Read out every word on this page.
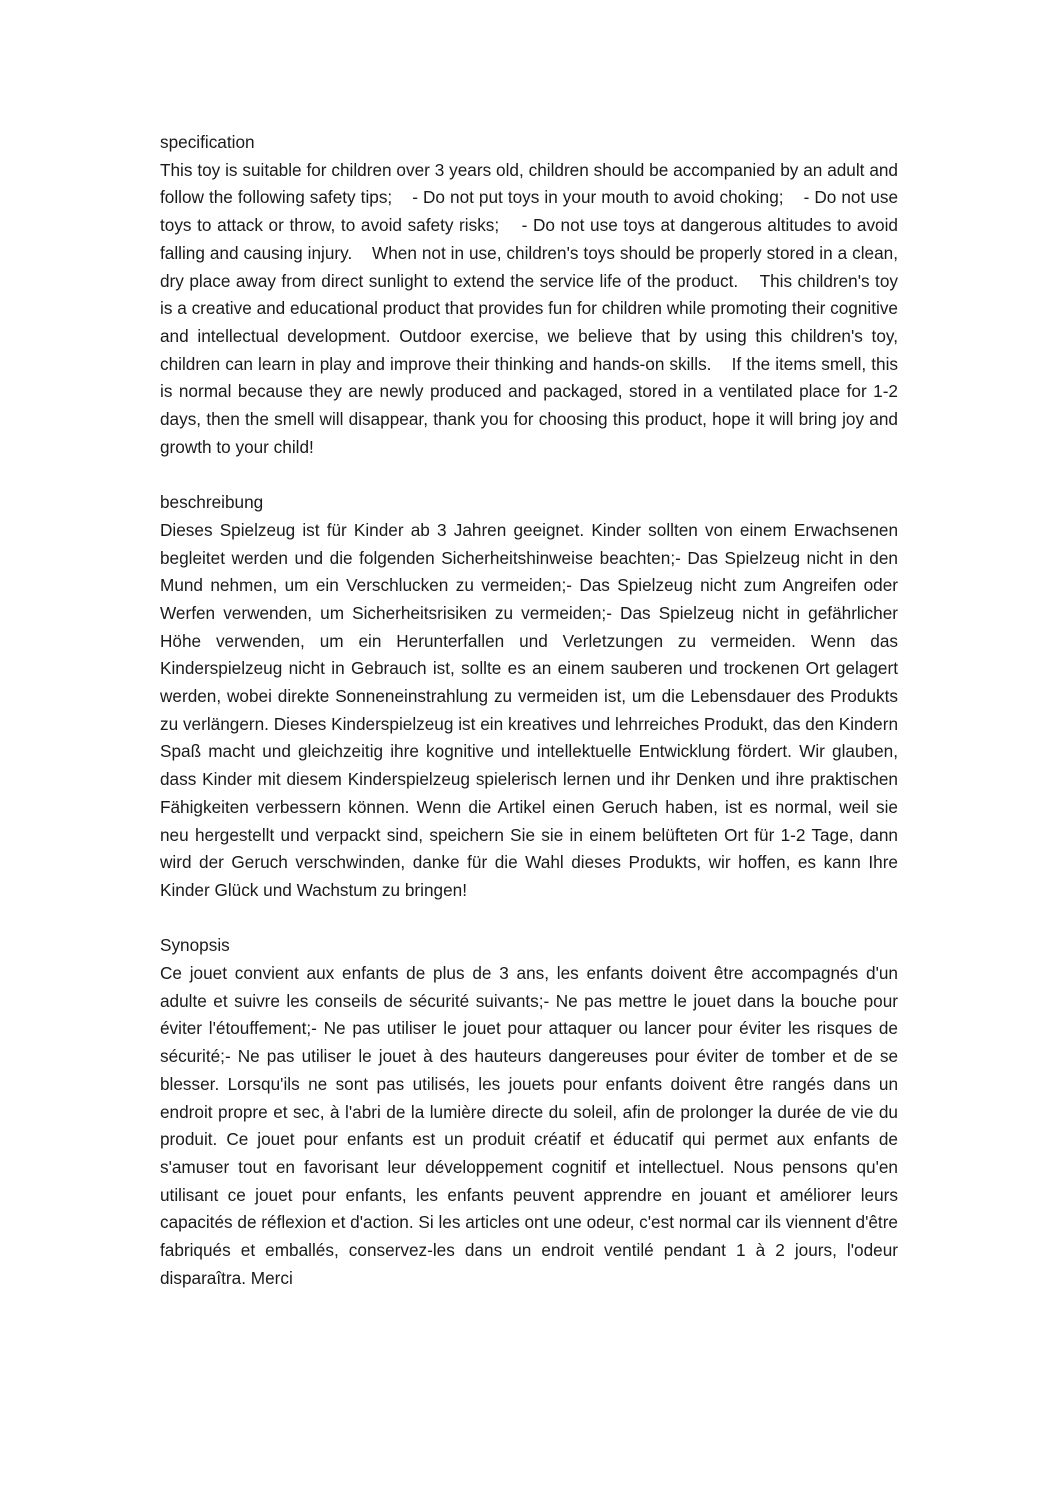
specification

This toy is suitable for children over 3 years old, children should be accompanied by an adult and follow the following safety tips;    - Do not put toys in your mouth to avoid choking;    - Do not use toys to attack or throw, to avoid safety risks;    - Do not use toys at dangerous altitudes to avoid falling and causing injury.    When not in use, children's toys should be properly stored in a clean, dry place away from direct sunlight to extend the service life of the product.    This children's toy is a creative and educational product that provides fun for children while promoting their cognitive and intellectual development. Outdoor exercise, we believe that by using this children's toy, children can learn in play and improve their thinking and hands-on skills.    If the items smell, this is normal because they are newly produced and packaged, stored in a ventilated place for 1-2 days, then the smell will disappear, thank you for choosing this product, hope it will bring joy and growth to your child!

beschreibung

Dieses Spielzeug ist für Kinder ab 3 Jahren geeignet. Kinder sollten von einem Erwachsenen begleitet werden und die folgenden Sicherheitshinweise beachten;- Das Spielzeug nicht in den Mund nehmen, um ein Verschlucken zu vermeiden;- Das Spielzeug nicht zum Angreifen oder Werfen verwenden, um Sicherheitsrisiken zu vermeiden;- Das Spielzeug nicht in gefährlicher Höhe verwenden, um ein Herunterfallen und Verletzungen zu vermeiden. Wenn das Kinderspielzeug nicht in Gebrauch ist, sollte es an einem sauberen und trockenen Ort gelagert werden, wobei direkte Sonneneinstrahlung zu vermeiden ist, um die Lebensdauer des Produkts zu verlängern. Dieses Kinderspielzeug ist ein kreatives und lehrreiches Produkt, das den Kindern Spaß macht und gleichzeitig ihre kognitive und intellektuelle Entwicklung fördert. Wir glauben, dass Kinder mit diesem Kinderspielzeug spielerisch lernen und ihr Denken und ihre praktischen Fähigkeiten verbessern können. Wenn die Artikel einen Geruch haben, ist es normal, weil sie neu hergestellt und verpackt sind, speichern Sie sie in einem belüfteten Ort für 1-2 Tage, dann wird der Geruch verschwinden, danke für die Wahl dieses Produkts, wir hoffen, es kann Ihre Kinder Glück und Wachstum zu bringen!

Synopsis

Ce jouet convient aux enfants de plus de 3 ans, les enfants doivent être accompagnés d'un adulte et suivre les conseils de sécurité suivants;- Ne pas mettre le jouet dans la bouche pour éviter l'étouffement;- Ne pas utiliser le jouet pour attaquer ou lancer pour éviter les risques de sécurité;- Ne pas utiliser le jouet à des hauteurs dangereuses pour éviter de tomber et de se blesser. Lorsqu'ils ne sont pas utilisés, les jouets pour enfants doivent être rangés dans un endroit propre et sec, à l'abri de la lumière directe du soleil, afin de prolonger la durée de vie du produit. Ce jouet pour enfants est un produit créatif et éducatif qui permet aux enfants de s'amuser tout en favorisant leur développement cognitif et intellectuel. Nous pensons qu'en utilisant ce jouet pour enfants, les enfants peuvent apprendre en jouant et améliorer leurs capacités de réflexion et d'action. Si les articles ont une odeur, c'est normal car ils viennent d'être fabriqués et emballés, conservez-les dans un endroit ventilé pendant 1 à 2 jours, l'odeur disparaîtra. Merci
